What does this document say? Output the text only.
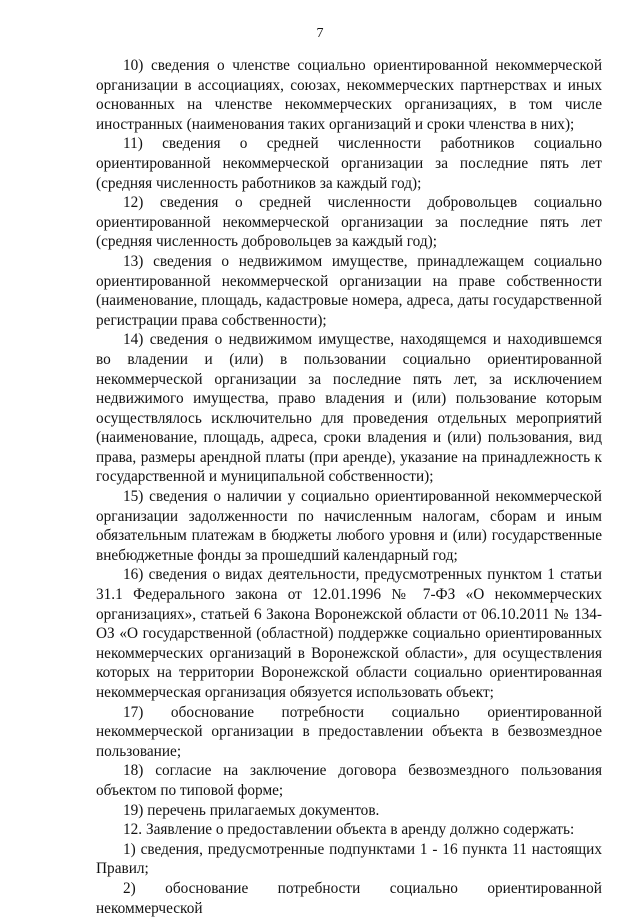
7

10) сведения о членстве социально ориентированной некоммерческой организации в ассоциациях, союзах, некоммерческих партнерствах и иных основанных на членстве некоммерческих организациях, в том числе иностранных (наименования таких организаций и сроки членства в них);

11) сведения о средней численности работников социально ориентированной некоммерческой организации за последние пять лет (средняя численность работников за каждый год);

12) сведения о средней численности добровольцев социально ориентированной некоммерческой организации за последние пять лет (средняя численность добровольцев за каждый год);

13) сведения о недвижимом имуществе, принадлежащем социально ориентированной некоммерческой организации на праве собственности (наименование, площадь, кадастровые номера, адреса, даты государственной регистрации права собственности);

14) сведения о недвижимом имуществе, находящемся и находившемся во владении и (или) в пользовании социально ориентированной некоммерческой организации за последние пять лет, за исключением недвижимого имущества, право владения и (или) пользование которым осуществлялось исключительно для проведения отдельных мероприятий (наименование, площадь, адреса, сроки владения и (или) пользования, вид права, размеры арендной платы (при аренде), указание на принадлежность к государственной и муниципальной собственности);

15) сведения о наличии у социально ориентированной некоммерческой организации задолженности по начисленным налогам, сборам и иным обязательным платежам в бюджеты любого уровня и (или) государственные внебюджетные фонды за прошедший календарный год;

16) сведения о видах деятельности, предусмотренных пунктом 1 статьи 31.1 Федерального закона от 12.01.1996 № 7-ФЗ «О некоммерческих организациях», статьей 6 Закона Воронежской области от 06.10.2011 № 134-ОЗ «О государственной (областной) поддержке социально ориентированных некоммерческих организаций в Воронежской области», для осуществления которых на территории Воронежской области социально ориентированная некоммерческая организация обязуется использовать объект;

17) обоснование потребности социально ориентированной некоммерческой организации в предоставлении объекта в безвозмездное пользование;

18) согласие на заключение договора безвозмездного пользования объектом по типовой форме;

19) перечень прилагаемых документов.

12. Заявление о предоставлении объекта в аренду должно содержать:

1) сведения, предусмотренные подпунктами 1 - 16 пункта 11 настоящих Правил;

2) обоснование потребности социально ориентированной некоммерческой
